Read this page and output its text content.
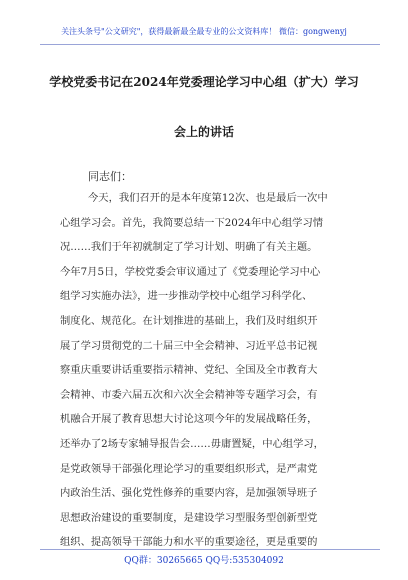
关注头条号"公文研究"，获得最新最全最专业的公文资料库！ 微信：gongwenyj
学校党委书记在2024年党委理论学习中心组（扩大）学习
会上的讲话
同志们：
今天，我们召开的是本年度第12次、也是最后一次中
心组学习会。首先，我简要总结一下2024年中心组学习情
况……我们于年初就制定了学习计划、明确了有关主题。
今年7月5日，学校党委会审议通过了《党委理论学习中心
组学习实施办法》，进一步推动学校中心组学习科学化、
制度化、规范化。在计划推进的基础上，我们及时组织开
展了学习贯彻党的二十届三中全会精神、习近平总书记视
察重庆重要讲话重要指示精神、党纪、全国及全市教育大
会精神、市委六届五次和六次全会精神等专题学习会，有
机融合开展了教育思想大讨论这项今年的发展战略任务，
还举办了2场专家辅导报告会……毋庸置疑，中心组学习，
是党政领导干部强化理论学习的重要组织形式，是严肃党
内政治生活、强化党性修养的重要内容，是加强领导班子
思想政治建设的重要制度，是建设学习型服务型创新型党
组织、提高领导干部能力和水平的重要途径，更是重要的
QQ群：30265665 QQ号:535304092
